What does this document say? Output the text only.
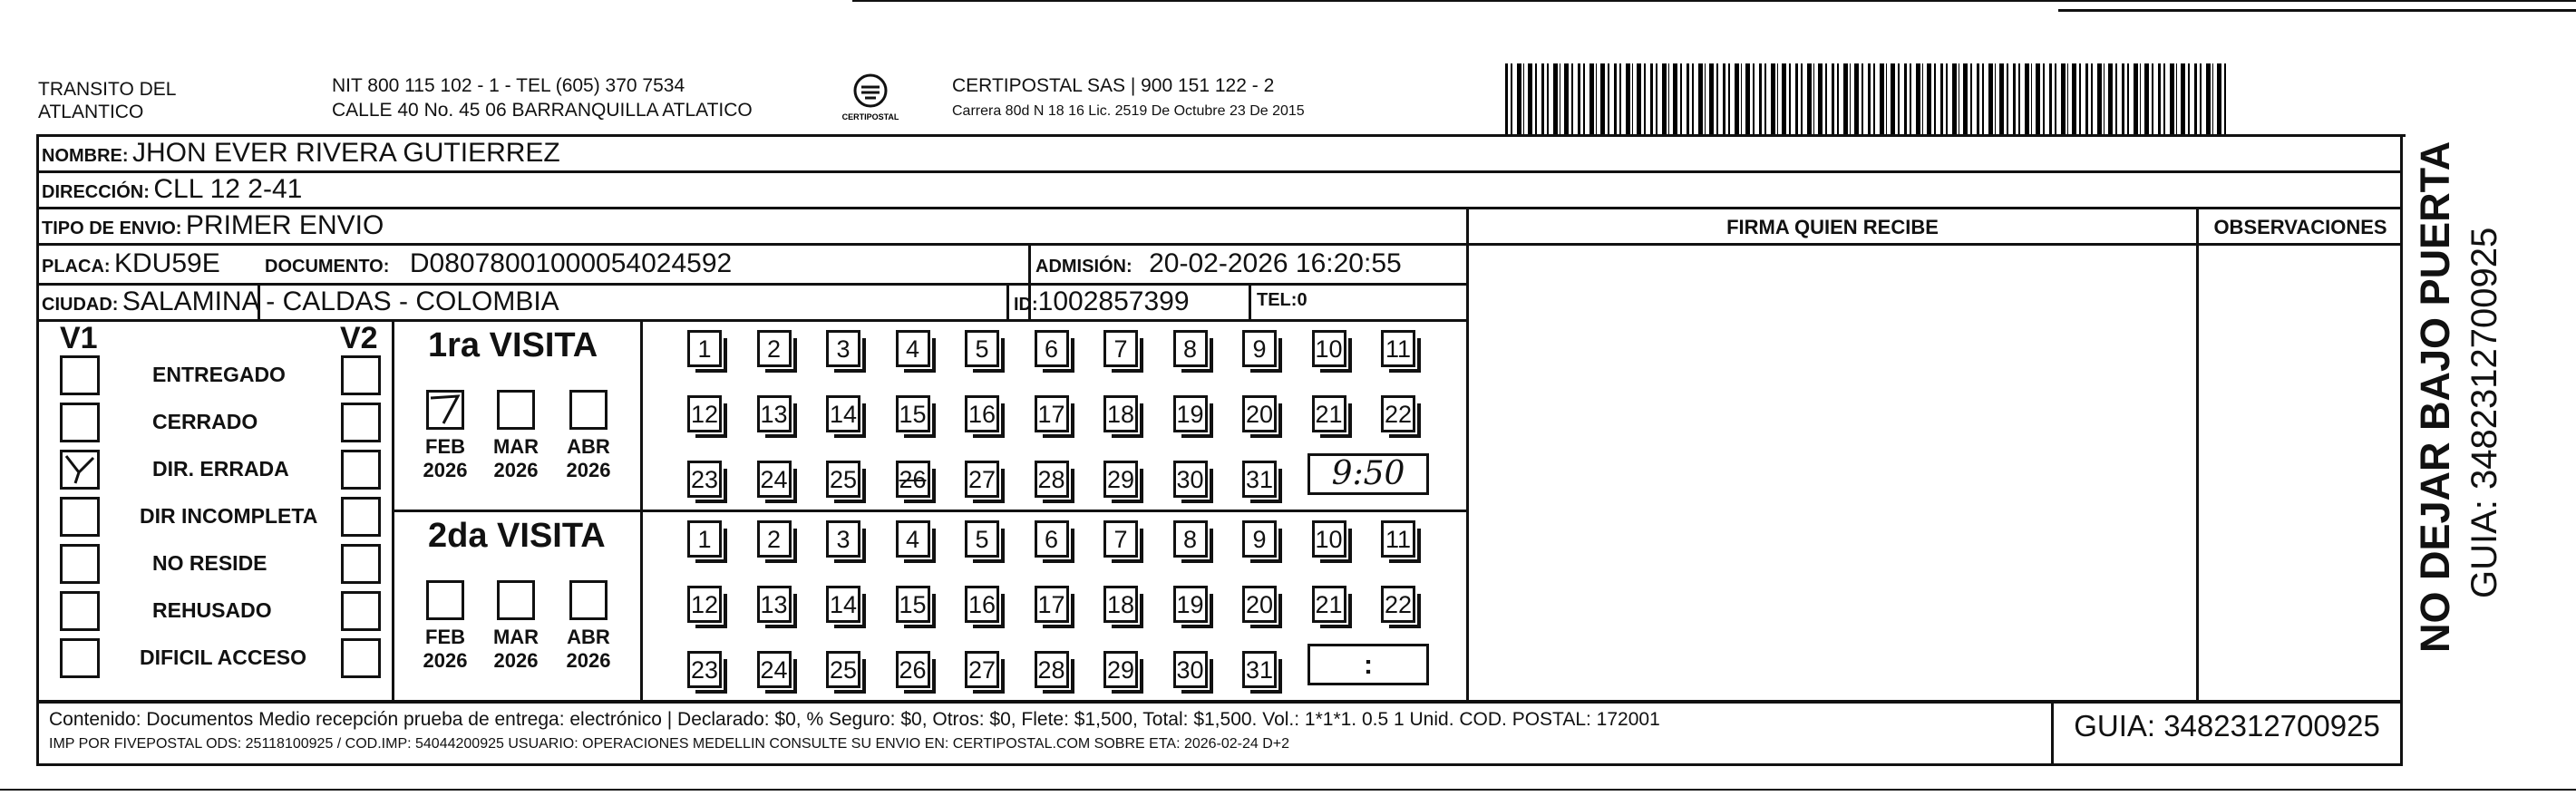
TRANSITO DEL
ATLANTICO
NIT 800 115 102 - 1 - TEL (605) 370 7534
CALLE 40 No. 45 06 BARRANQUILLA ATLATICO	CERTIPOSTAL
CERTIPOSTAL SAS | 900 151 122 - 2
Carrera 80d N 18 16 Lic. 2519 De Octubre 23 De 2015
NOMBRE: JHON EVER RIVERA GUTIERREZ
DIRECCIÓN: CLL 12 2-41
TIPO DE ENVIO: PRIMER ENVIO
PLACA: KDU59E DOCUMENTO: D08078001000054024592	ADMISIÓN: 20-02-2026 16:20:55
CIUDAD: SALAMINA - CALDAS - COLOMBIA	ID:1002857399	TEL:0
FIRMA QUIEN RECIBE	OBSERVACIONES
V1	V2
ENTREGADO
CERRADO
DIR. ERRADA
DIR INCOMPLETA
NO RESIDE
REHUSADO
DIFICIL ACCESO
1ra VISITA
2da VISITA
FEB
2026
MAR
2026
ABR
2026
FEB
2026
MAR
2026
ABR
2026
1	2	3	4	5	6	7	8	9	10 11
12 13 14 15 16 17 18 19 20 21 22
23 24 25 26 27 28 29 30 31
1	2	3	4	5	6	7	8	9	10 11
12 13 14 15 16 17 18 19 20 21 22
23 24 25 26 27 28 29 30 31
9:50
:
Contenido: Documentos Medio recepción prueba de entrega: electrónico | Declarado: $0, % Seguro: $0, Otros: $0, Flete: $1,500, Total: $1,500. Vol.: 1*1*1. 0.5 1 Unid. COD. POSTAL: 172001
IMP POR FIVEPOSTAL ODS: 25118100925 / COD.IMP: 54044200925 USUARIO: OPERACIONES MEDELLIN CONSULTE SU ENVIO EN: CERTIPOSTAL.COM SOBRE ETA: 2026-02-24 D+2
GUIA: 3482312700925
NO DEJAR BAJO PUERTA GUIA: 3482312700925
